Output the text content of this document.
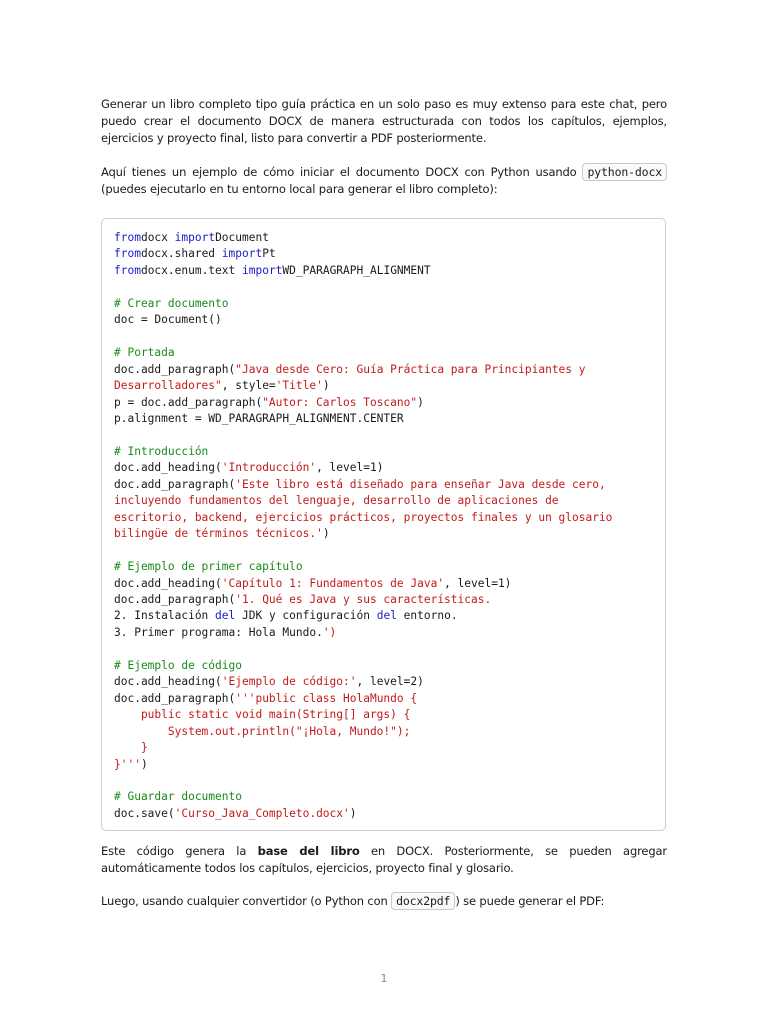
Generar un libro completo tipo guía práctica en un solo paso es muy extenso para este chat, pero puedo crear el documento DOCX de manera estructurada con todos los capítulos, ejemplos, ejercicios y proyecto final, listo para convertir a PDF posteriormente.

Aquí tienes un ejemplo de cómo iniciar el documento DOCX con Python usando python-docx (puedes ejecutarlo en tu entorno local para generar el libro completo):

fromdocx importDocument
fromdocx.shared importPt
fromdocx.enum.text importWD_PARAGRAPH_ALIGNMENT

# Crear documento
doc = Document()

# Portada
doc.add_paragraph("Java desde Cero: Guía Práctica para Principiantes y
Desarrolladores", style='Title')
p = doc.add_paragraph("Autor: Carlos Toscano")
p.alignment = WD_PARAGRAPH_ALIGNMENT.CENTER

# Introducción
doc.add_heading('Introducción', level=1)
doc.add_paragraph('Este libro está diseñado para enseñar Java desde cero,
incluyendo fundamentos del lenguaje, desarrollo de aplicaciones de
escritorio, backend, ejercicios prácticos, proyectos finales y un glosario
bilingüe de términos técnicos.')

# Ejemplo de primer capítulo
doc.add_heading('Capítulo 1: Fundamentos de Java', level=1)
doc.add_paragraph('1. Qué es Java y sus características.
2. Instalación del JDK y configuración del entorno.
3. Primer programa: Hola Mundo.')

# Ejemplo de código
doc.add_heading('Ejemplo de código:', level=2)
doc.add_paragraph('''public class HolaMundo {
public static void main(String[] args) {
System.out.println("¡Hola, Mundo!");
}
}''')

# Guardar documento
doc.save('Curso_Java_Completo.docx')

Este código genera la base del libro en DOCX. Posteriormente, se pueden agregar automáticamente todos los capítulos, ejercicios, proyecto final y glosario.

Luego, usando cualquier convertidor (o Python con docx2pdf ) se puede generar el PDF:

1
